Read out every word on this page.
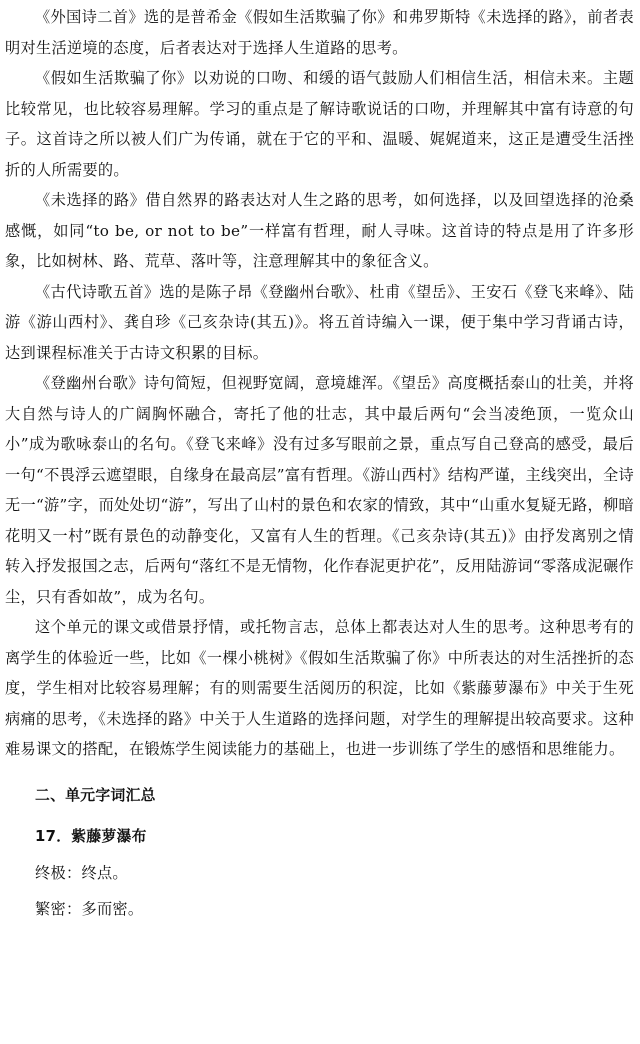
《外国诗二首》选的是普希金《假如生活欺骗了你》和弗罗斯特《未选择的路》，前者表明对生活逆境的态度，后者表达对于选择人生道路的思考。

《假如生活欺骗了你》以劝说的口吻、和缓的语气鼓励人们相信生活，相信未来。主题比较常见，也比较容易理解。学习的重点是了解诗歌说话的口吻，并理解其中富有诗意的句子。这首诗之所以被人们广为传诵，就在于它的平和、温暖、娓娓道来，这正是遭受生活挫折的人所需要的。

《未选择的路》借自然界的路表达对人生之路的思考，如何选择，以及回望选择的沧桑感慨，如同“to be, or not to be”一样富有哲理，耐人寻味。这首诗的特点是用了许多形象，比如树林、路、荒草、落叶等，注意理解其中的象征含义。

《古代诗歌五首》选的是陈子昂《登幽州台歌》、杜甫《望岳》、王安石《登飞来峰》、陆游《游山西村》、龚自珍《己亥杂诗(其五)》。将五首诗编入一课，便于集中学习背诵古诗，达到课程标准关于古诗文积累的目标。

《登幽州台歌》诗句简短，但视野宽阔，意境雄浑。《望岳》高度概括泰山的壮美，并将大自然与诗人的广阔胸怀融合，寄托了他的壮志，其中最后两句“会当凌绝顶，一览众山小”成为歌咏泰山的名句。《登飞来峰》没有过多写眼前之景，重点写自己登高的感受，最后一句“不畏浮云遮望眼，自缘身在最高层”富有哲理。《游山西村》结构严谨，主线突出，全诗无一“游”字，而处处切“游”，写出了山村的景色和农家的情致，其中“山重水复疑无路，柳暗花明又一村”既有景色的动静变化，又富有人生的哲理。《己亥杂诗(其五)》由抒发离别之情转入抒发报国之志，后两句“落红不是无情物，化作春泥更护花”，反用陆游词“零落成泥碾作尘，只有香如故”，成为名句。

这个单元的课文或借景抒情，或托物言志，总体上都表达对人生的思考。这种思考有的离学生的体验近一些，比如《一棵小桃树》《假如生活欺骗了你》中所表达的对生活挫折的态度，学生相对比较容易理解；有的则需要生活阅历的积淀，比如《紫藤萝瀑布》中关于生死病痛的思考，《未选择的路》中关于人生道路的选择问题，对学生的理解提出较高要求。这种难易课文的搭配，在锻炼学生阅读能力的基础上，也进一步训练了学生的感悟和思维能力。

二、单元字词汇总
17．紫藤萝瀑布
终极：终点。
繁密：多而密。
